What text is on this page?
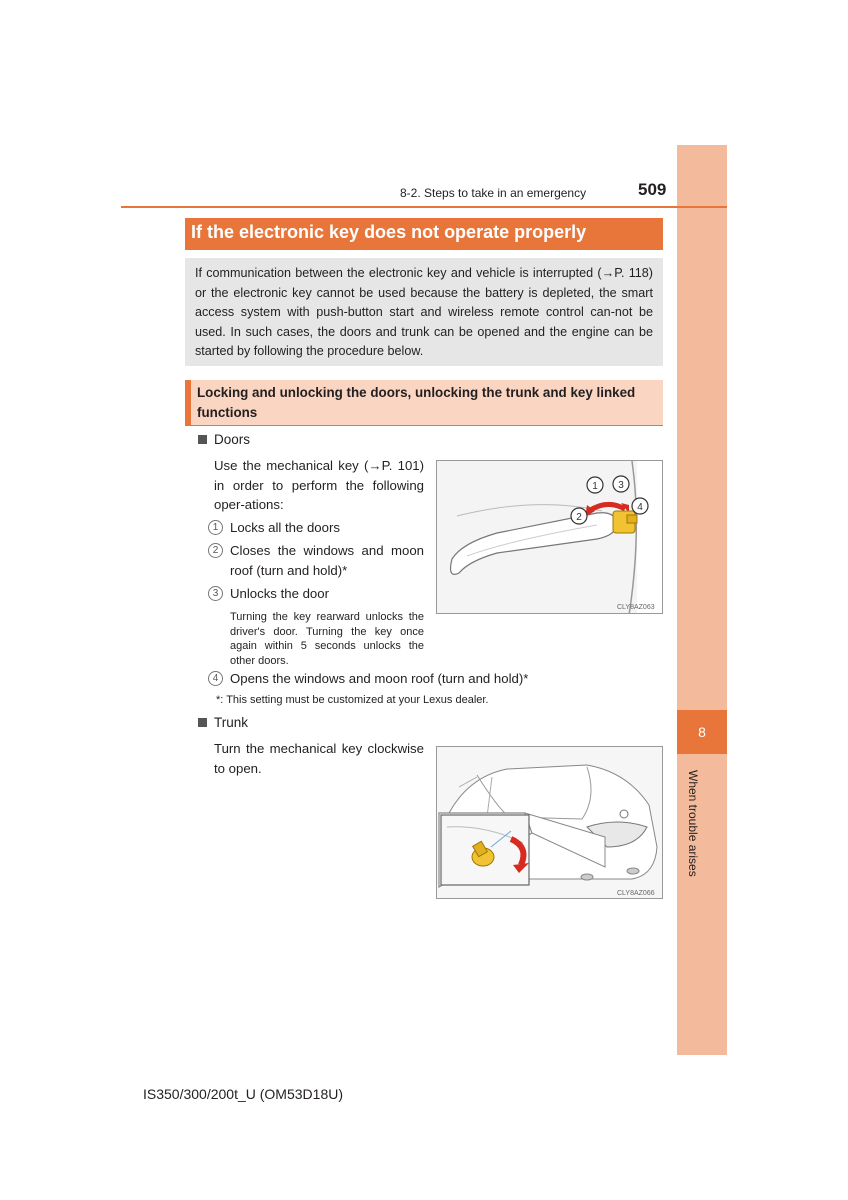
8
When trouble arises
8-2. Steps to take in an emergency	509
If the electronic key does not operate properly
If communication between the electronic key and vehicle is interrupted (→P. 118) or the electronic key cannot be used because the battery is depleted, the smart access system with push-button start and wireless remote control can-not be used. In such cases, the doors and trunk can be opened and the engine can be started by following the procedure below.
Locking and unlocking the doors, unlocking the trunk and key linked functions
Doors
Use the mechanical key (→P. 101) in order to perform the following oper-ations:
1 Locks all the doors
2 Closes the windows and moon roof (turn and hold)*
3 Unlocks the door
Turning the key rearward unlocks the driver's door. Turning the key once again within 5 seconds unlocks the other doors.
4 Opens the windows and moon roof (turn and hold)*
*: This setting must be customized at your Lexus dealer.
1 3
2
4
CLY8AZ063
Trunk
Turn the mechanical key clockwise to open.
CLY8AZ066
IS350/300/200t_U (OM53D18U)
